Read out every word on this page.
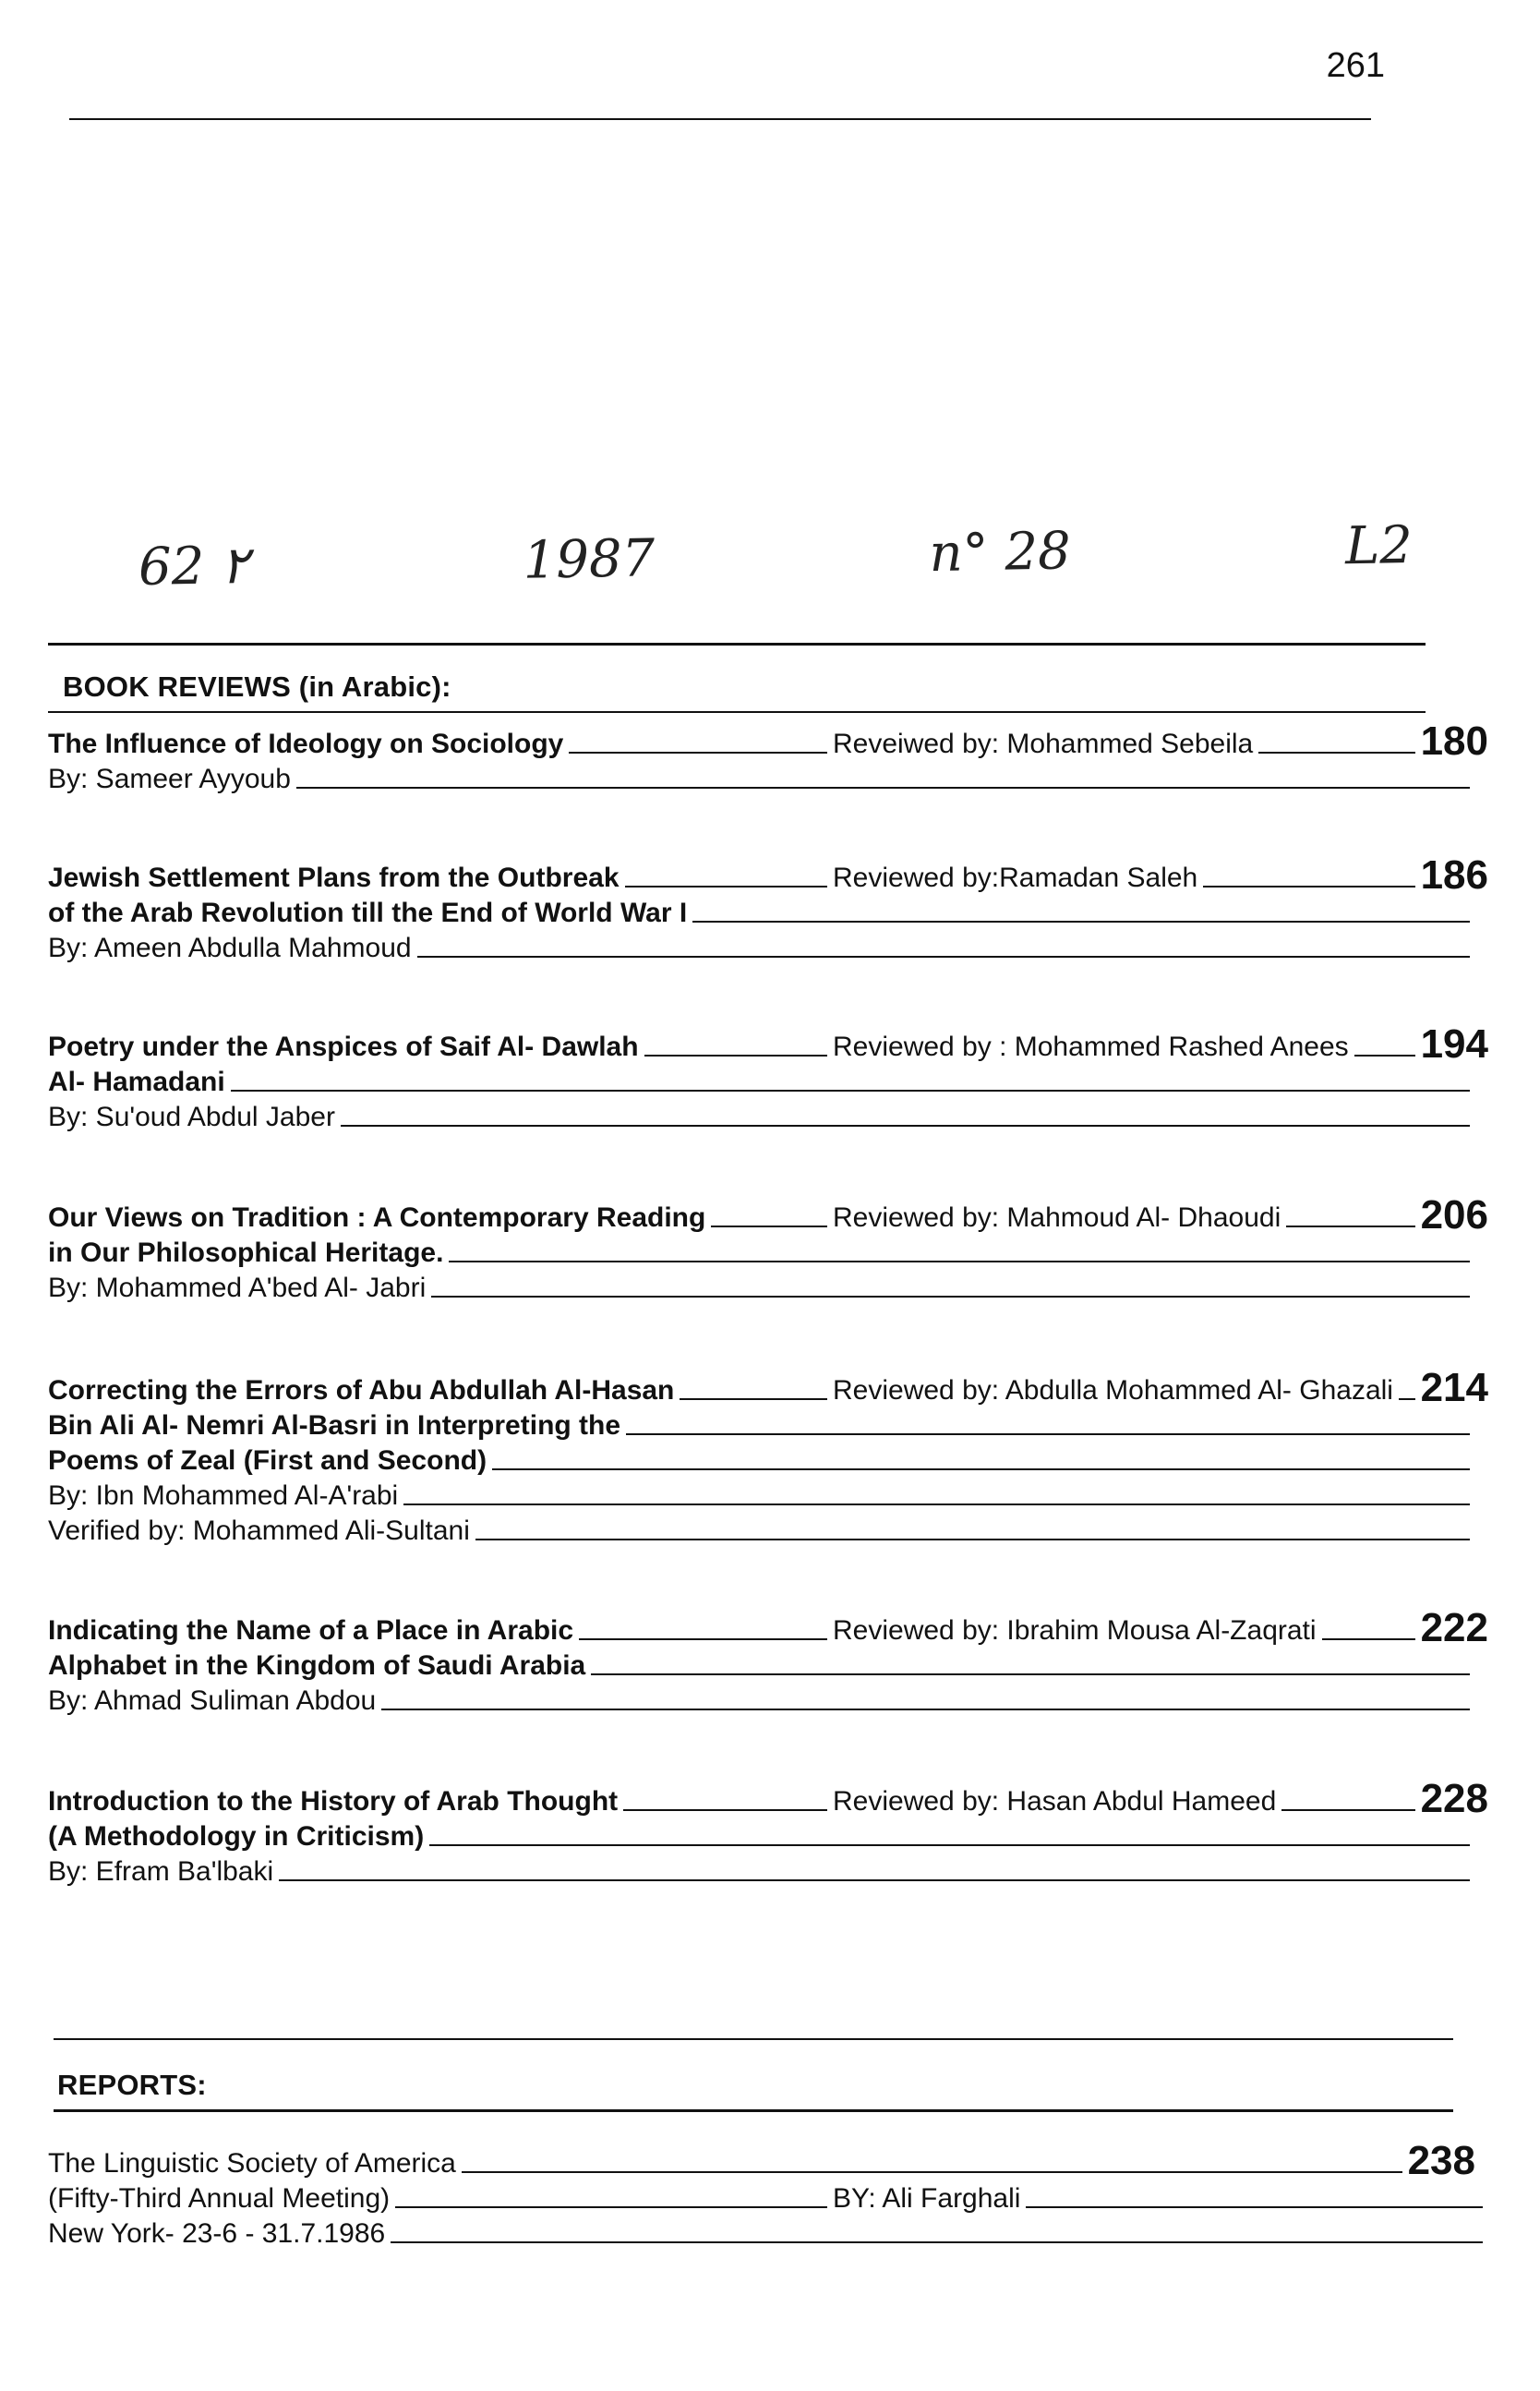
261
62 ۲	1987	n° 28	L2
BOOK REVIEWS (in Arabic):
The Influence of Ideology on Sociology	Reveiwed by: Mohammed Sebeila	180
By: Sameer Ayyoub
Jewish Settlement Plans from the Outbreak	Reviewed by:Ramadan Saleh	186
of the Arab Revolution till the End of World War I
By: Ameen Abdulla Mahmoud
Poetry under the Anspices of Saif Al- Dawlah	Reviewed by : Mohammed Rashed Anees 194
Al- Hamadani
By: Su'oud Abdul Jaber
Our Views on Tradition : A Contemporary Reading	Reviewed by: Mahmoud Al- Dhaoudi	206
in Our Philosophical Heritage.
By: Mohammed A'bed Al- Jabri
Correcting the Errors of Abu Abdullah Al-Hasan	Reviewed by: Abdulla Mohammed Al- Ghazali 214
Bin Ali Al- Nemri Al-Basri in Interpreting the
Poems of Zeal (First and Second)
By: Ibn Mohammed Al-A'rabi
Verified by: Mohammed Ali-Sultani
Indicating the Name of a Place in Arabic	Reviewed by: Ibrahim Mousa Al-Zaqrati	222
Alphabet in the Kingdom of Saudi Arabia
By: Ahmad Suliman Abdou
Introduction to the History of Arab Thought	Reviewed by: Hasan Abdul Hameed	228
(A Methodology in Criticism)
By: Efram Ba'lbaki
REPORTS:
The Linguistic Society of America	238
(Fifty-Third Annual Meeting)	BY: Ali Farghali
New York- 23-6 - 31.7.1986
